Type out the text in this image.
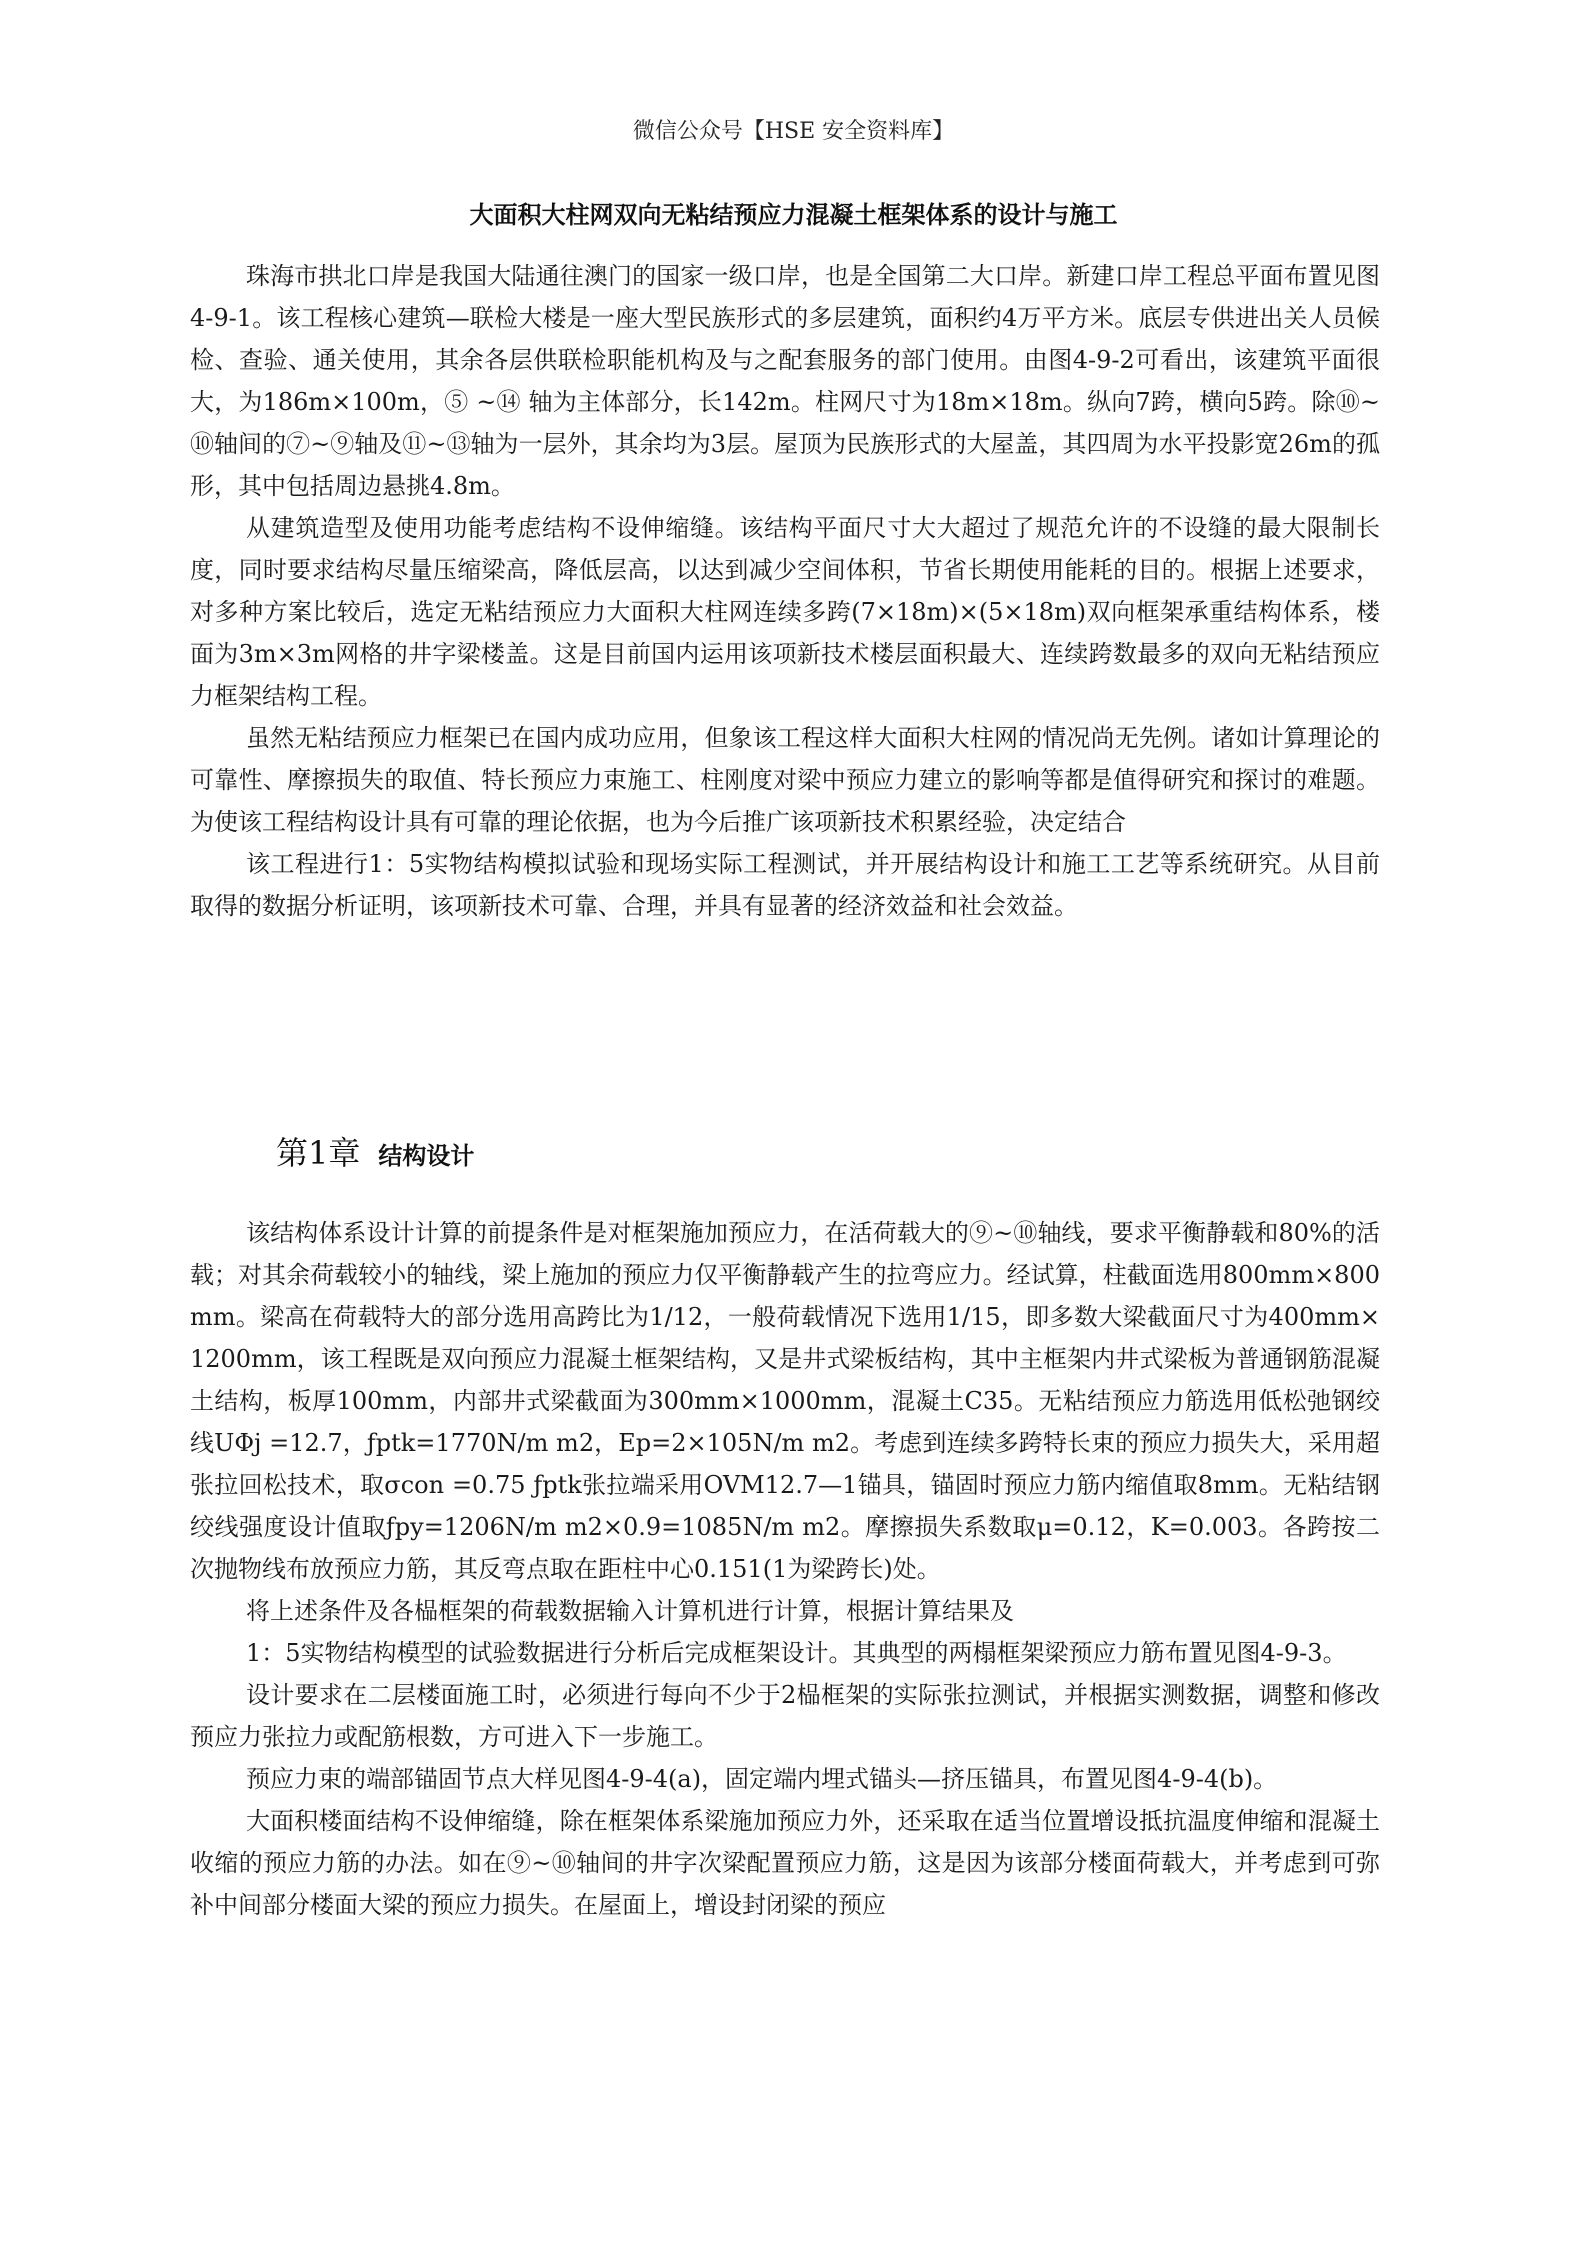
微信公众号【HSE 安全资料库】
大面积大柱网双向无粘结预应力混凝土框架体系的设计与施工

珠海市拱北口岸是我国大陆通往澳门的国家一级口岸，也是全国第二大口岸。新建口岸工程总平面布置见图4-9-1。该工程核心建筑—联检大楼是一座大型民族形式的多层建筑，面积约4万平方米。底层专供进出关人员候检、查验、通关使用，其余各层供联检职能机构及与之配套服务的部门使用。由图4-9-2可看出，该建筑平面很大，为186m×100m，⑤ ~⑭ 轴为主体部分，长142m。柱网尺寸为18m×18m。纵向7跨，横向5跨。除⑩~⑩轴间的⑦~⑨轴及⑪~⑬轴为一层外，其余均为3层。屋顶为民族形式的大屋盖，其四周为水平投影宽26m的孤形，其中包括周边悬挑4.8m。

从建筑造型及使用功能考虑结构不设伸缩缝。该结构平面尺寸大大超过了规范允许的不设缝的最大限制长度，同时要求结构尽量压缩梁高，降低层高，以达到减少空间体积，节省长期使用能耗的目的。根据上述要求，对多种方案比较后，选定无粘结预应力大面积大柱网连续多跨(7×18m)×(5×18m)双向框架承重结构体系，楼面为3m×3m网格的井字梁楼盖。这是目前国内运用该项新技术楼层面积最大、连续跨数最多的双向无粘结预应力框架结构工程。

虽然无粘结预应力框架已在国内成功应用，但象该工程这样大面积大柱网的情况尚无先例。诸如计算理论的可靠性、摩擦损失的取值、特长预应力束施工、柱刚度对梁中预应力建立的影响等都是值得研究和探讨的难题。为使该工程结构设计具有可靠的理论依据，也为今后推广该项新技术积累经验，决定结合

该工程进行1：5实物结构模拟试验和现场实际工程测试，并开展结构设计和施工工艺等系统研究。从目前取得的数据分析证明，该项新技术可靠、合理，并具有显著的经济效益和社会效益。

第1章 结构设计

该结构体系设计计算的前提条件是对框架施加预应力，在活荷载大的⑨~⑩轴线，要求平衡静载和80%的活载；对其余荷载较小的轴线，梁上施加的预应力仅平衡静载产生的拉弯应力。经试算，柱截面选用800mm×800mm。梁高在荷载特大的部分选用高跨比为1/12，一般荷载情况下选用1/15，即多数大梁截面尺寸为400mm×1200mm，该工程既是双向预应力混凝土框架结构，又是井式梁板结构，其中主框架内井式梁板为普通钢筋混凝土结构，板厚100mm，内部井式梁截面为300mm×1000mm，混凝土C35。无粘结预应力筋选用低松弛钢绞线UΦj =12.7，ƒptk=1770N/m m2，Ep=2×105N/m m2。考虑到连续多跨特长束的预应力损失大，采用超张拉回松技术，取σcon =0.75 ƒptk张拉端采用OVM12.7—1锚具，锚固时预应力筋内缩值取8mm。无粘结钢绞线强度设计值取ƒpy=1206N/m m2×0.9=1085N/m m2。摩擦损失系数取μ=0.12，K=0.003。各跨按二次抛物线布放预应力筋，其反弯点取在距柱中心0.151(1为梁跨长)处。

将上述条件及各榀框架的荷载数据输入计算机进行计算，根据计算结果及

1：5实物结构模型的试验数据进行分析后完成框架设计。其典型的两榻框架梁预应力筋布置见图4-9-3。

设计要求在二层楼面施工时，必须进行每向不少于2榀框架的实际张拉测试，并根据实测数据，调整和修改预应力张拉力或配筋根数，方可进入下一步施工。

预应力束的端部锚固节点大样见图4-9-4(a)，固定端内埋式锚头—挤压锚具，布置见图4-9-4(b)。

大面积楼面结构不设伸缩缝，除在框架体系梁施加预应力外，还采取在适当位置增设抵抗温度伸缩和混凝土收缩的预应力筋的办法。如在⑨~⑩轴间的井字次梁配置预应力筋，这是因为该部分楼面荷载大，并考虑到可弥补中间部分楼面大梁的预应力损失。在屋面上，增设封闭梁的预应
